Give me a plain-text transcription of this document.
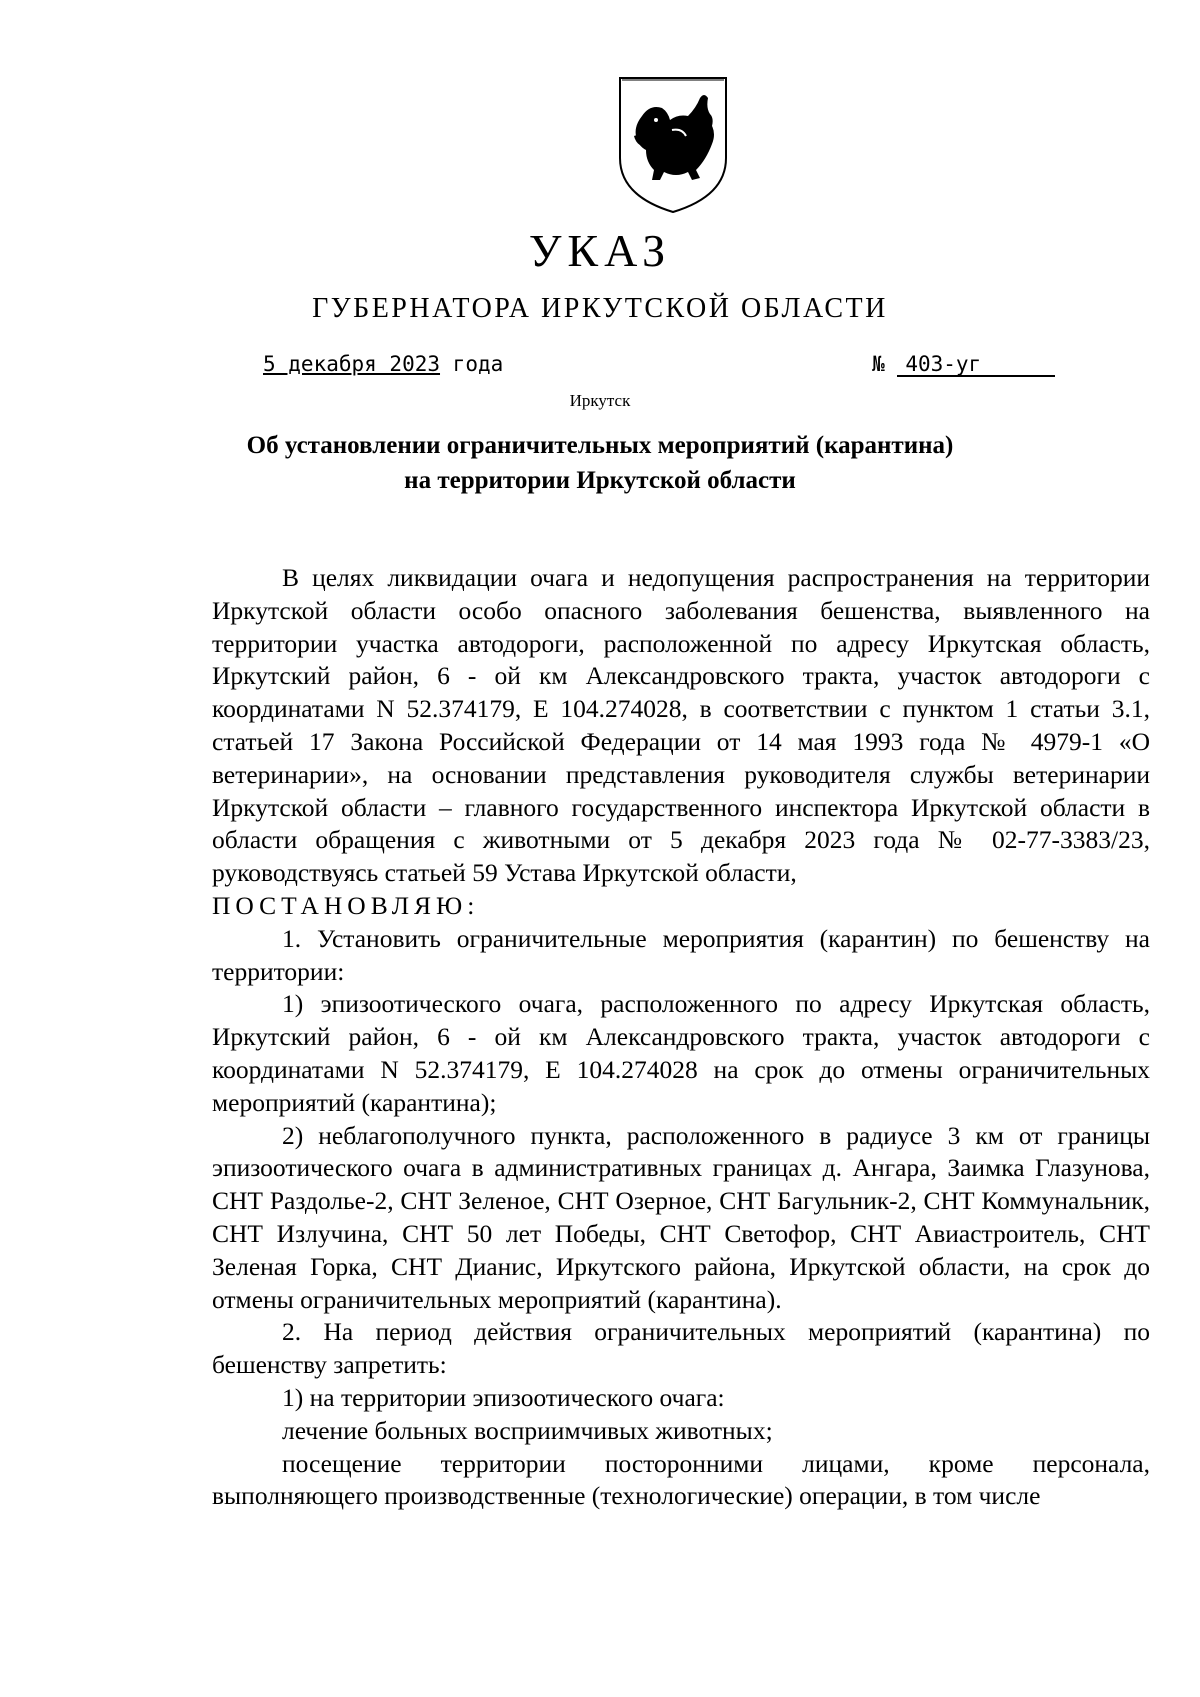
УКАЗ
ГУБЕРНАТОРА ИРКУТСКОЙ ОБЛАСТИ
5 декабря 2023 года	№ 403-уг
Иркутск
Об установлении ограничительных мероприятий (карантина)
на территории Иркутской области

В целях ликвидации очага и недопущения распространения на территории Иркутской области особо опасного заболевания бешенства, выявленного на территории участка автодороги, расположенной по адресу Иркутская область, Иркутский район, 6 - ой км Александровского тракта, участок автодороги с координатами N 52.374179, E 104.274028, в соответствии с пунктом 1 статьи 3.1, статьей 17 Закона Российской Федерации от 14 мая 1993 года № 4979-1 «О ветеринарии», на основании представления руководителя службы ветеринарии Иркутской области – главного государственного инспектора Иркутской области в области обращения с животными от 5 декабря 2023 года № 02-77-3383/23, руководствуясь статьей 59 Устава Иркутской области,

ПОСТАНОВЛЯЮ:

1. Установить ограничительные мероприятия (карантин) по бешенству на территории:

1) эпизоотического очага, расположенного по адресу Иркутская область, Иркутский район, 6 - ой км Александровского тракта, участок автодороги с координатами N 52.374179, E 104.274028 на срок до отмены ограничительных мероприятий (карантина);

2) неблагополучного пункта, расположенного в радиусе 3 км от границы эпизоотического очага в административных границах д. Ангара, Заимка Глазунова, СНТ Раздолье-2, СНТ Зеленое, СНТ Озерное, СНТ Багульник-2, СНТ Коммунальник, СНТ Излучина, СНТ 50 лет Победы, СНТ Светофор, СНТ Авиастроитель, СНТ Зеленая Горка, СНТ Дианис, Иркутского района, Иркутской области, на срок до отмены ограничительных мероприятий (карантина).

2. На период действия ограничительных мероприятий (карантина) по бешенству запретить:

1) на территории эпизоотического очага:

лечение больных восприимчивых животных;

посещение территории посторонними лицами, кроме персонала, выполняющего производственные (технологические) операции, в том числе
